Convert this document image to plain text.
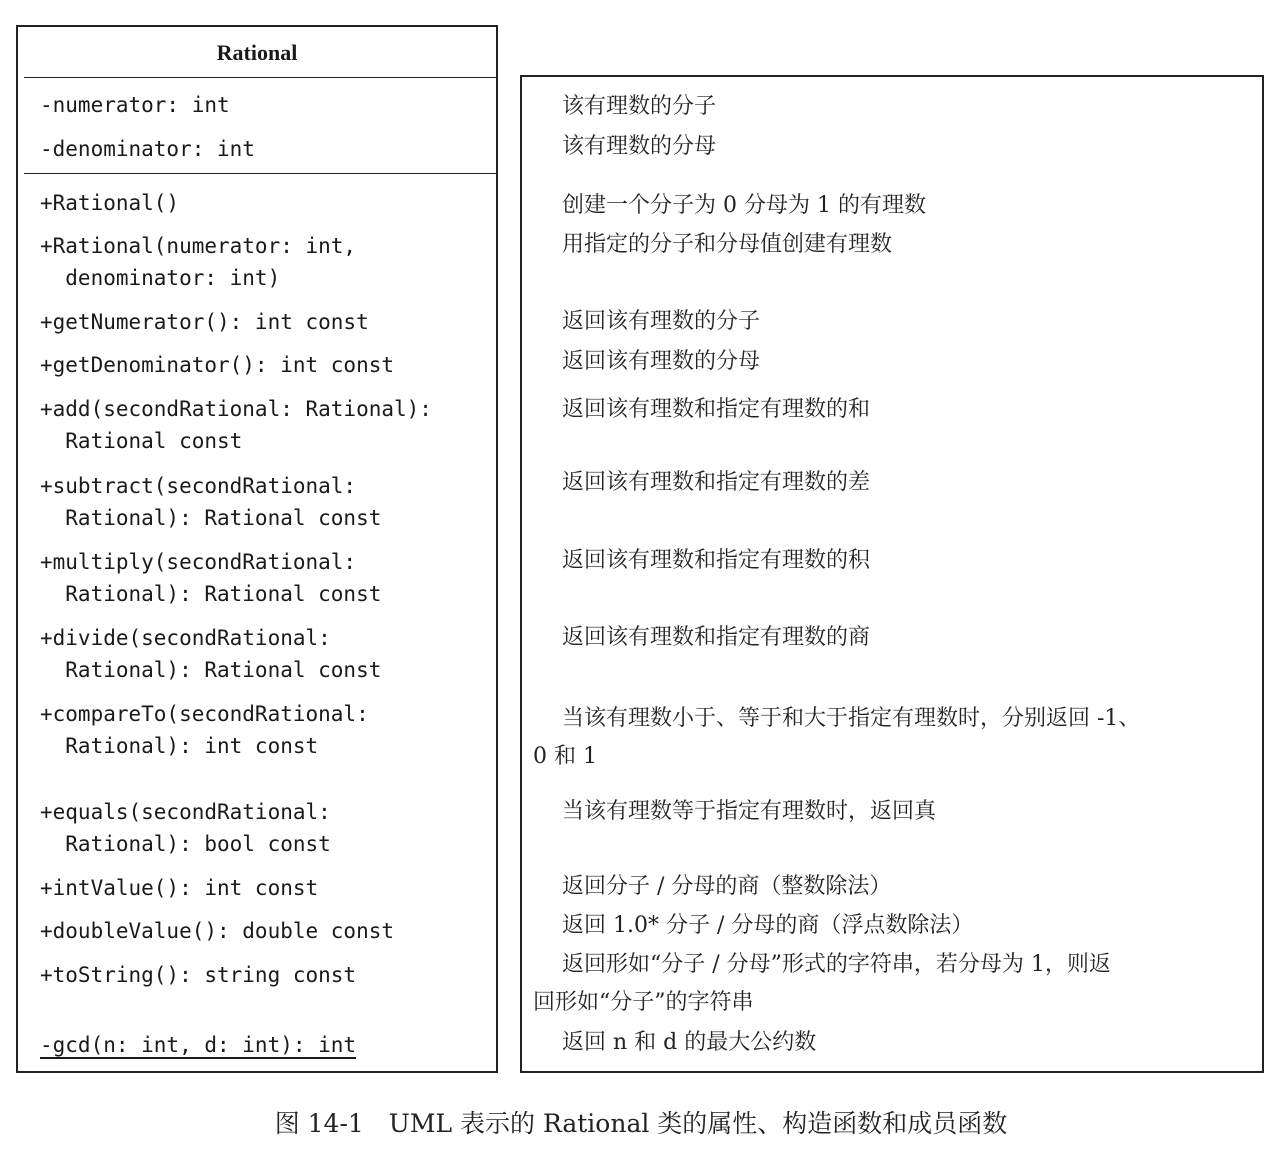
Rational
-numerator: int
-denominator: int
+Rational()
+Rational(numerator: int,
denominator: int)
+getNumerator(): int const
+getDenominator(): int const
+add(secondRational: Rational):
Rational const
+subtract(secondRational:
Rational): Rational const
+multiply(secondRational:
Rational): Rational const
+divide(secondRational:
Rational): Rational const
+compareTo(secondRational:
Rational): int const
+equals(secondRational:
Rational): bool const
+intValue(): int const
+doubleValue(): double const
+toString(): string const
-gcd(n: int, d: int): int
该有理数的分子
该有理数的分母
创建一个分子为 0 分母为 1 的有理数
用指定的分子和分母值创建有理数
返回该有理数的分子
返回该有理数的分母
返回该有理数和指定有理数的和
返回该有理数和指定有理数的差
返回该有理数和指定有理数的积
返回该有理数和指定有理数的商
当该有理数小于、等于和大于指定有理数时，分别返回 -1、
0 和 1
当该有理数等于指定有理数时，返回真
返回分子 / 分母的商（整数除法）
返回 1.0* 分子 / 分母的商（浮点数除法）
返回形如“分子 / 分母”形式的字符串，若分母为 1，则返
回形如“分子”的字符串
返回 n 和 d 的最大公约数
图 14-1　UML 表示的 Rational 类的属性、构造函数和成员函数
